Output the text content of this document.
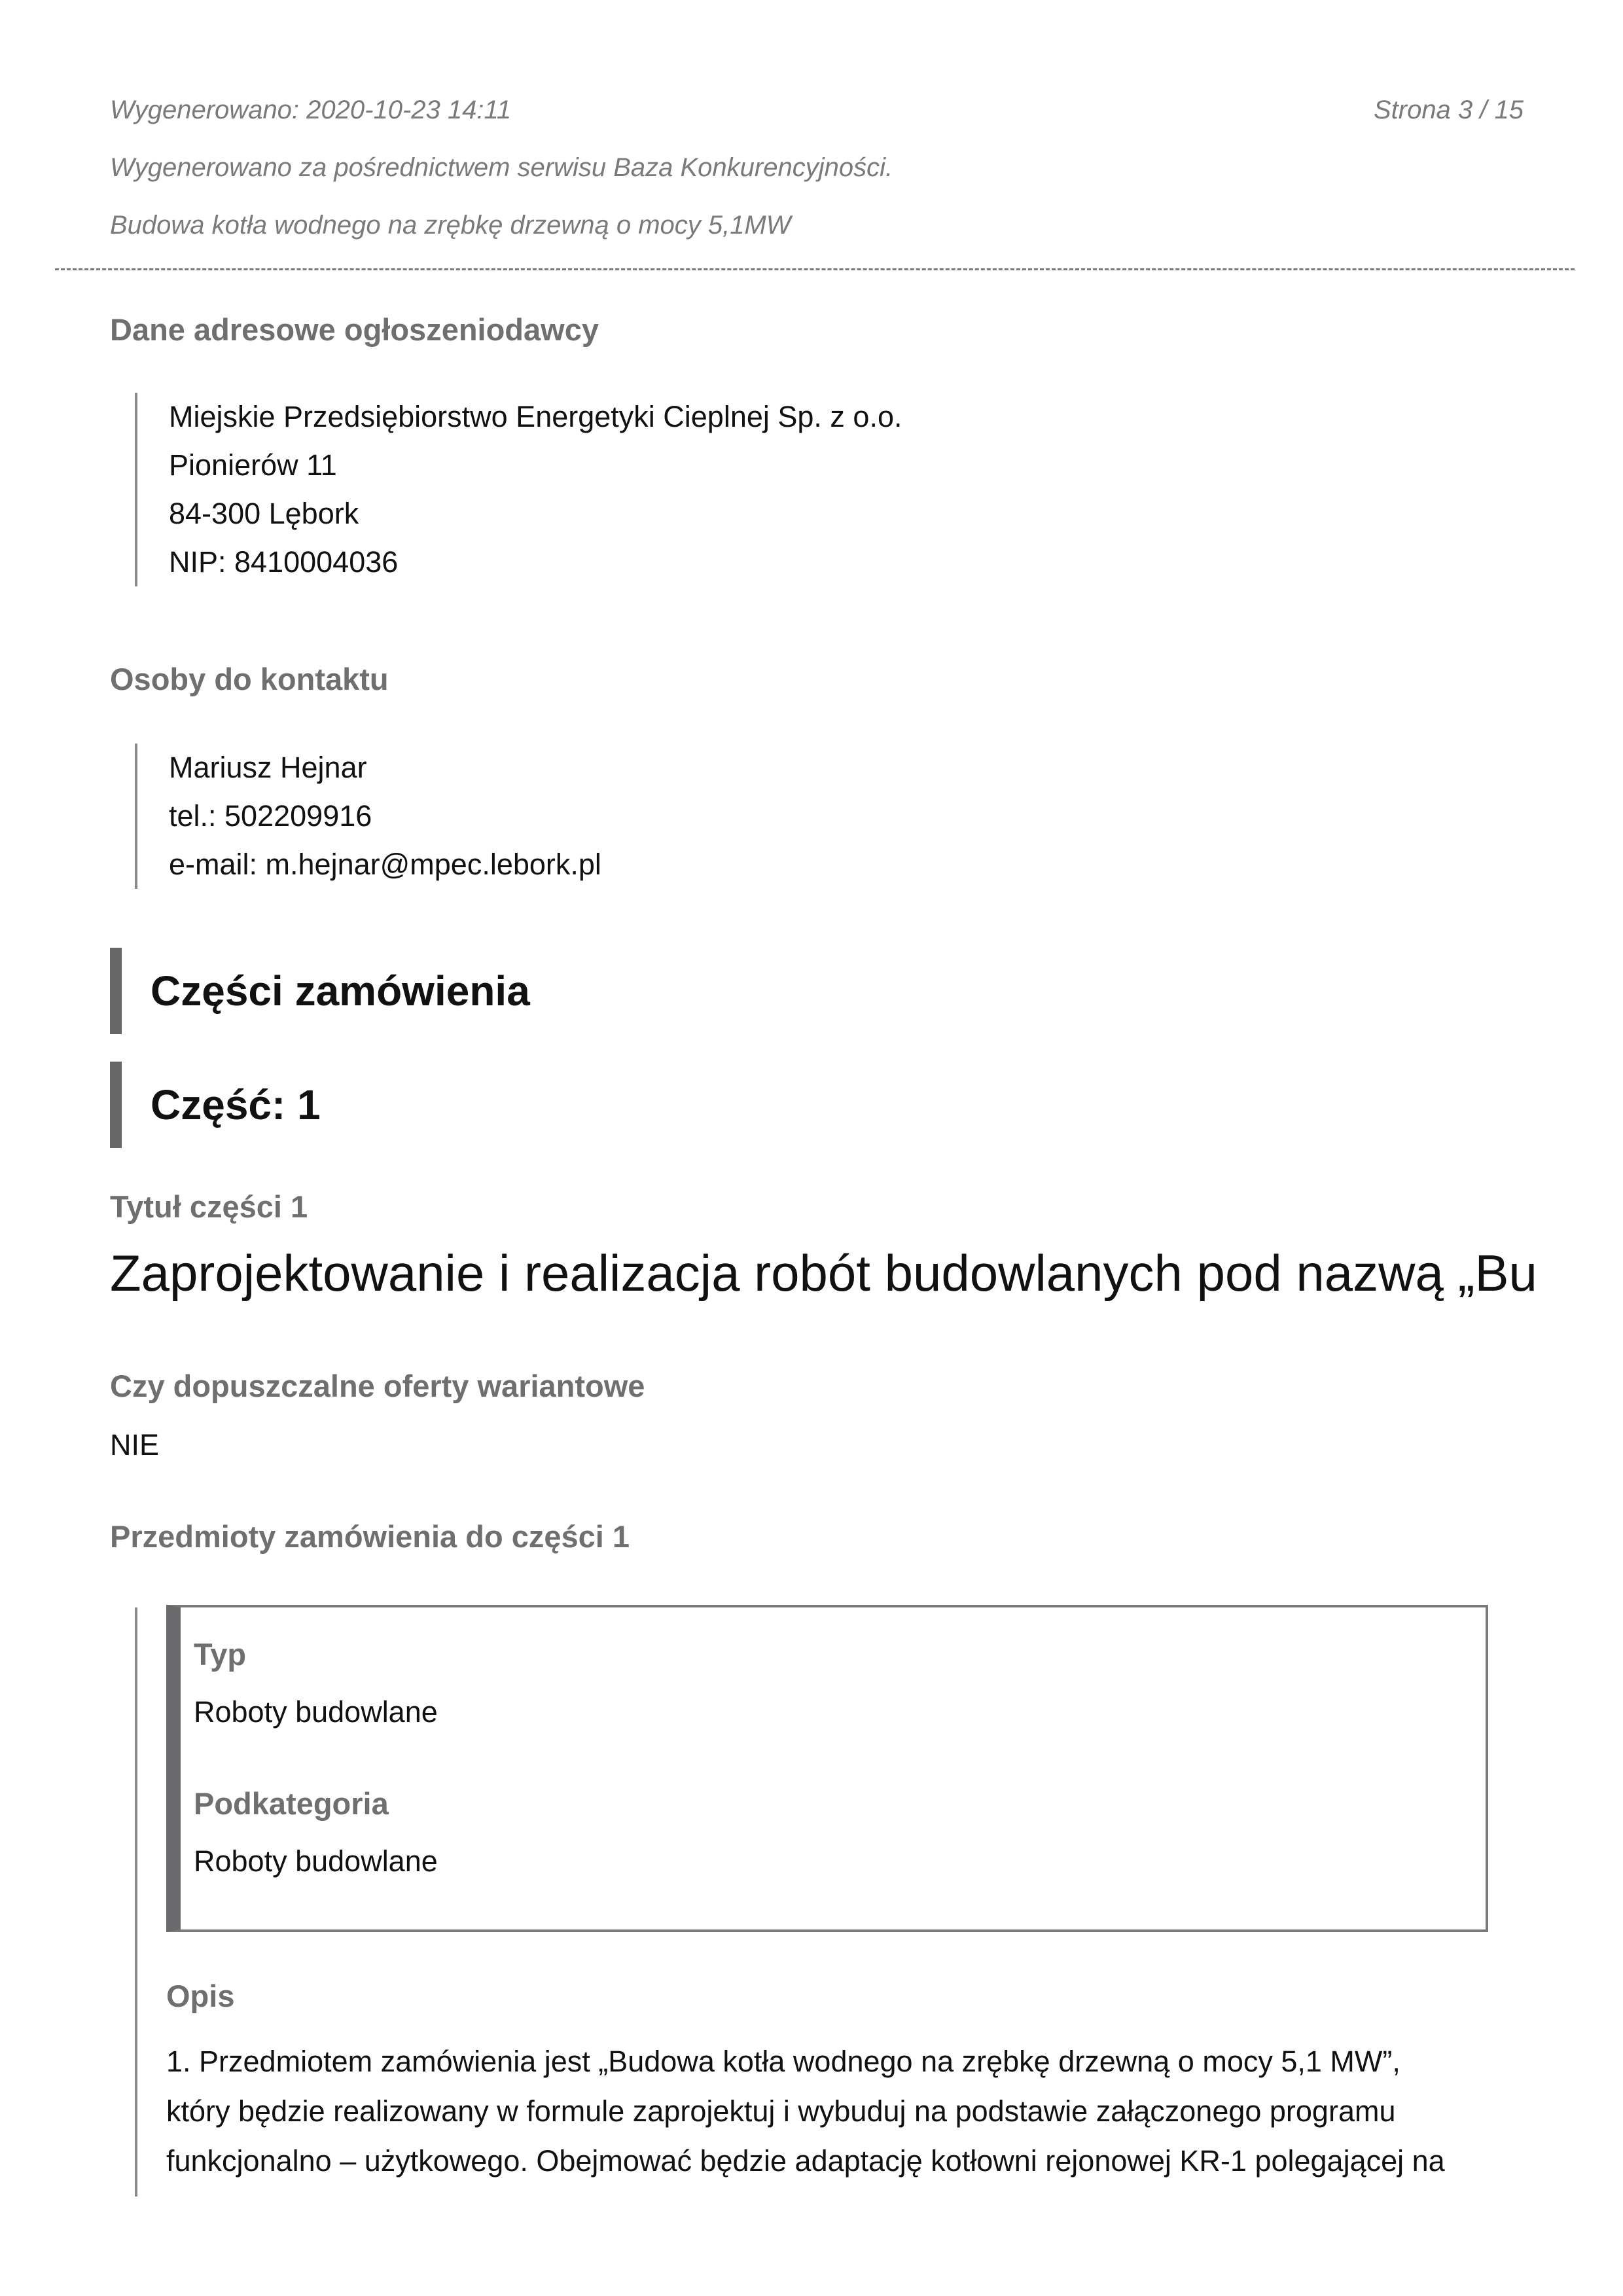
Wygenerowano: 2020-10-23 14:11	Strona 3 / 15
Wygenerowano za pośrednictwem serwisu Baza Konkurencyjności.
Budowa kotła wodnego na zrębkę drzewną o mocy 5,1MW
Dane adresowe ogłoszeniodawcy
Miejskie Przedsiębiorstwo Energetyki Cieplnej Sp. z o.o.
Pionierów 11
84-300 Lębork
NIP: 8410004036
Osoby do kontaktu
Mariusz Hejnar
tel.: 502209916
e-mail: m.hejnar@mpec.lebork.pl
Części zamówienia
Część: 1
Tytuł części 1
Zaprojektowanie i realizacja robót budowlanych pod nazwą „Bu
Czy dopuszczalne oferty wariantowe
NIE
Przedmioty zamówienia do części 1
Typ
Roboty budowlane
Podkategoria
Roboty budowlane
Opis
1. Przedmiotem zamówienia jest „Budowa kotła wodnego na zrębkę drzewną o mocy 5,1 MW”,
który będzie realizowany w formule zaprojektuj i wybuduj na podstawie załączonego programu
funkcjonalno – użytkowego. Obejmować będzie adaptację kotłowni rejonowej KR-1 polegającej na
